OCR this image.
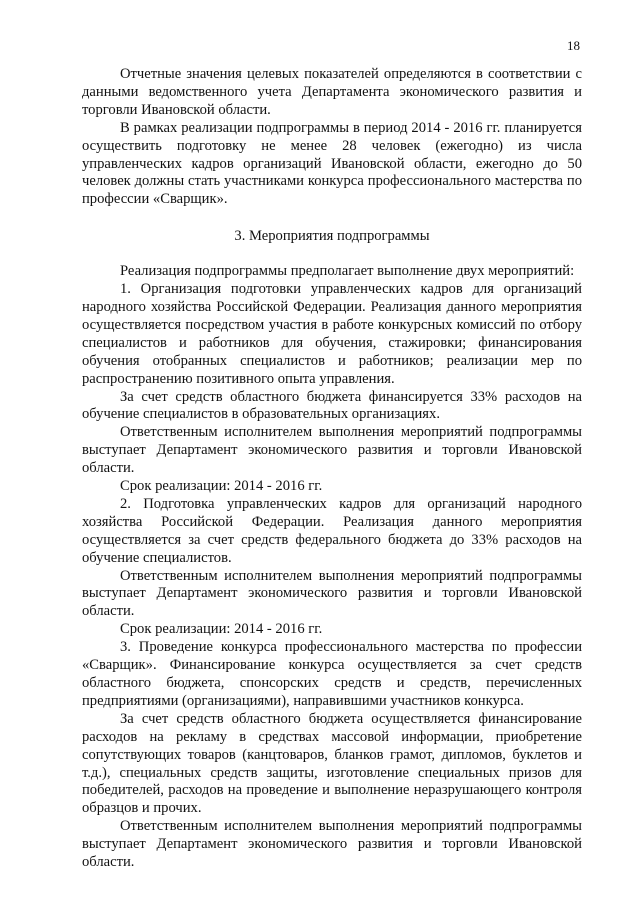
18

Отчетные значения целевых показателей определяются в соответствии с данными ведомственного учета Департамента экономического развития и торговли Ивановской области.

В рамках реализации подпрограммы в период 2014 - 2016 гг. планируется осуществить подготовку не менее 28 человек (ежегодно) из числа управленческих кадров организаций Ивановской области, ежегодно до 50 человек должны стать участниками конкурса профессионального мастерства по профессии «Сварщик».

3. Мероприятия подпрограммы

Реализация подпрограммы предполагает выполнение двух мероприятий:

1. Организация подготовки управленческих кадров для организаций народного хозяйства Российской Федерации. Реализация данного мероприятия осуществляется посредством участия в работе конкурсных комиссий по отбору специалистов и работников для обучения, стажировки; финансирования обучения отобранных специалистов и работников; реализации мер по распространению позитивного опыта управления.

За счет средств областного бюджета финансируется 33% расходов на обучение специалистов в образовательных организациях.

Ответственным исполнителем выполнения мероприятий подпрограммы выступает Департамент экономического развития и торговли Ивановской области.

Срок реализации: 2014 - 2016 гг.

2. Подготовка управленческих кадров для организаций народного хозяйства Российской Федерации. Реализация данного мероприятия осуществляется за счет средств федерального бюджета до 33% расходов на обучение специалистов.

Ответственным исполнителем выполнения мероприятий подпрограммы выступает Департамент экономического развития и торговли Ивановской области.

Срок реализации: 2014 - 2016 гг.

3. Проведение конкурса профессионального мастерства по профессии «Сварщик». Финансирование конкурса осуществляется за счет средств областного бюджета, спонсорских средств и средств, перечисленных предприятиями (организациями), направившими участников конкурса.

За счет средств областного бюджета осуществляется финансирование расходов на рекламу в средствах массовой информации, приобретение сопутствующих товаров (канцтоваров, бланков грамот, дипломов, буклетов и т.д.), специальных средств защиты, изготовление специальных призов для победителей, расходов на проведение и выполнение неразрушающего контроля образцов и прочих.

Ответственным исполнителем выполнения мероприятий подпрограммы выступает Департамент экономического развития и торговли Ивановской области.
